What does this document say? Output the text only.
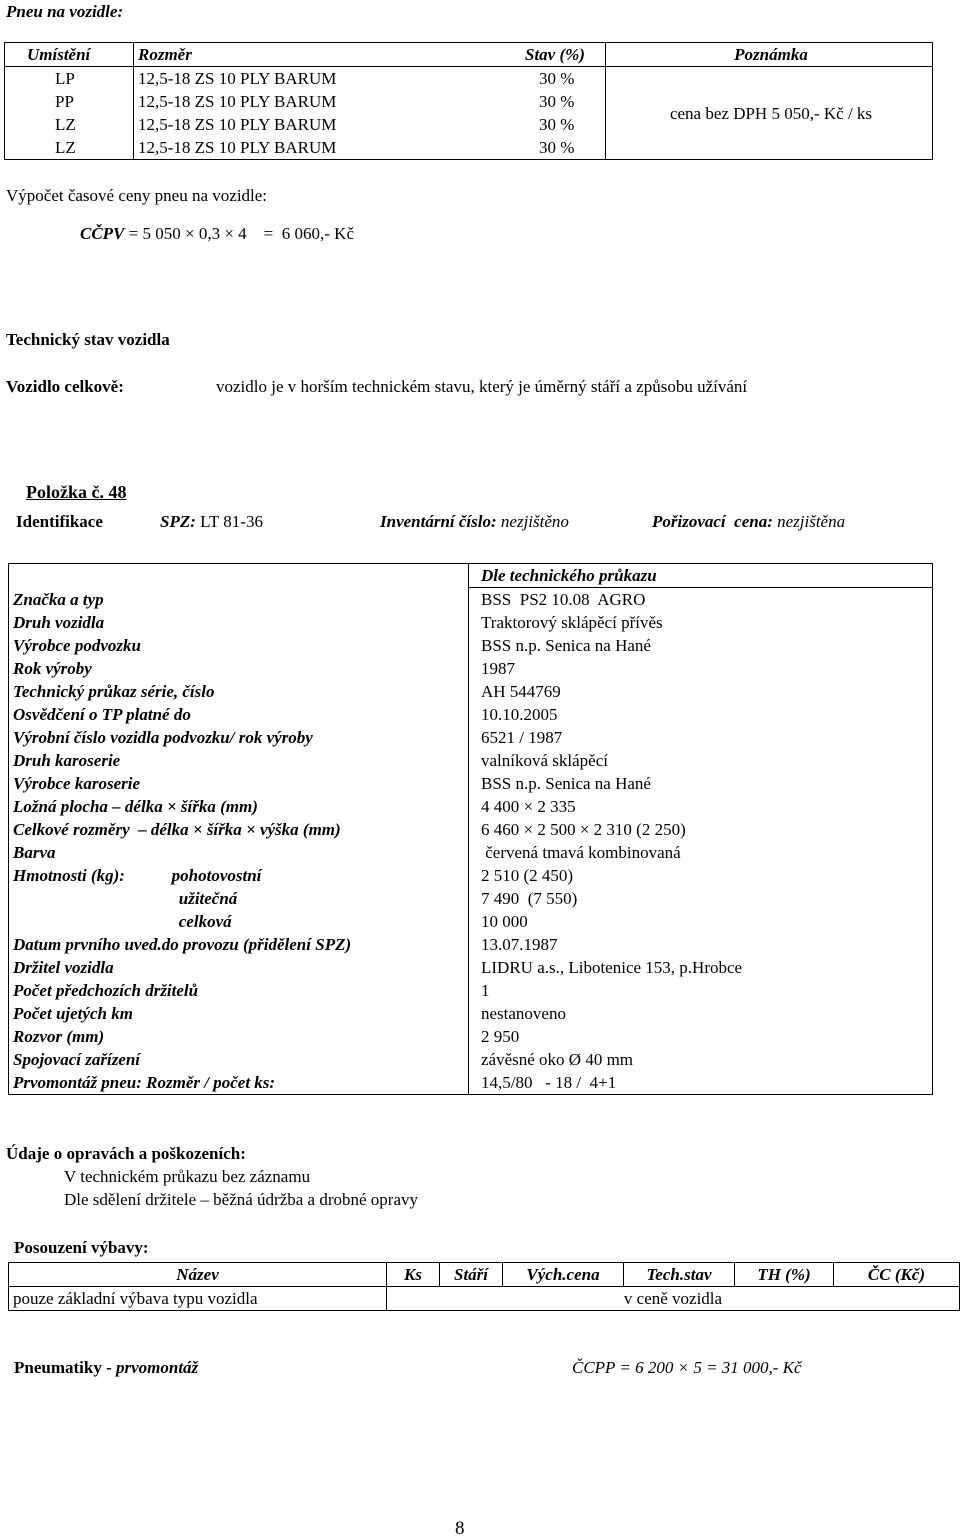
Pneu na vozidle:
Umístění	Rozměr	Stav (%)	Poznámka
LP	12,5-18 ZS 10 PLY BARUM	30 %	cena bez DPH 5 050,- Kč / ks
PP	12,5-18 ZS 10 PLY BARUM	30 %	
LZ	12,5-18 ZS 10 PLY BARUM	30 %	
LZ	12,5-18 ZS 10 PLY BARUM	30 %	
Výpočet časové ceny pneu na vozidle:
CČPV = 5 050 × 0,3 × 4    =  6 060,- Kč
Technický stav vozidla
Vozidlo celkově:	vozidlo je v horším technickém stavu, který je úměrný stáří a způsobu užívání
Položka č. 48
Identifikace	SPZ: LT 81-36	Inventární číslo: nezjištěno	Pořizovací  cena: nezjištěna
	Dle technického průkazu
Značka a typ	BSS  PS2 10.08  AGRO
Druh vozidla	Traktorový sklápěcí přívěs
Výrobce podvozku	BSS n.p. Senica na Hané
Rok výroby	1987
Technický průkaz série, číslo	AH 544769
Osvědčení o TP platné do	10.10.2005
Výrobní číslo vozidla podvozku/ rok výroby	6521 / 1987
Druh karoserie	valníková sklápěcí
Výrobce karoserie	BSS n.p. Senica na Hané
Ložná plocha – délka × šířka (mm)	4 400 × 2 335
Celkové rozměry  – délka × šířka × výška (mm)	6 460 × 2 500 × 2 310 (2 250)
Barva	červená tmavá kombinovaná
Hmotnosti (kg):           pohotovostní	2 510 (2 450)
užitečná	7 490  (7 550)
celková	10 000
Datum prvního uved.do provozu (přidělení SPZ)	13.07.1987
Držitel vozidla	LIDRU a.s., Libotenice 153, p.Hrobce
Počet předchozích držitelů	1
Počet ujetých km	nestanoveno
Rozvor (mm)	2 950
Spojovací zařízení	závěsné oko Ø 40 mm
Prvomontáž pneu: Rozměr / počet ks:	14,5/80   - 18 /  4+1
Údaje o opravách a poškozeních:
V technickém průkazu bez záznamu
Dle sdělení držitele – běžná údržba a drobné opravy
Posouzení výbavy:
Název	Ks	Stáří	Vých.cena	Tech.stav	TH (%)	ČC (Kč)
pouze základní výbava typu vozidla	v ceně vozidla					
Pneumatiky - prvomontáž	ČCPP = 6 200 × 5 = 31 000,- Kč
8
